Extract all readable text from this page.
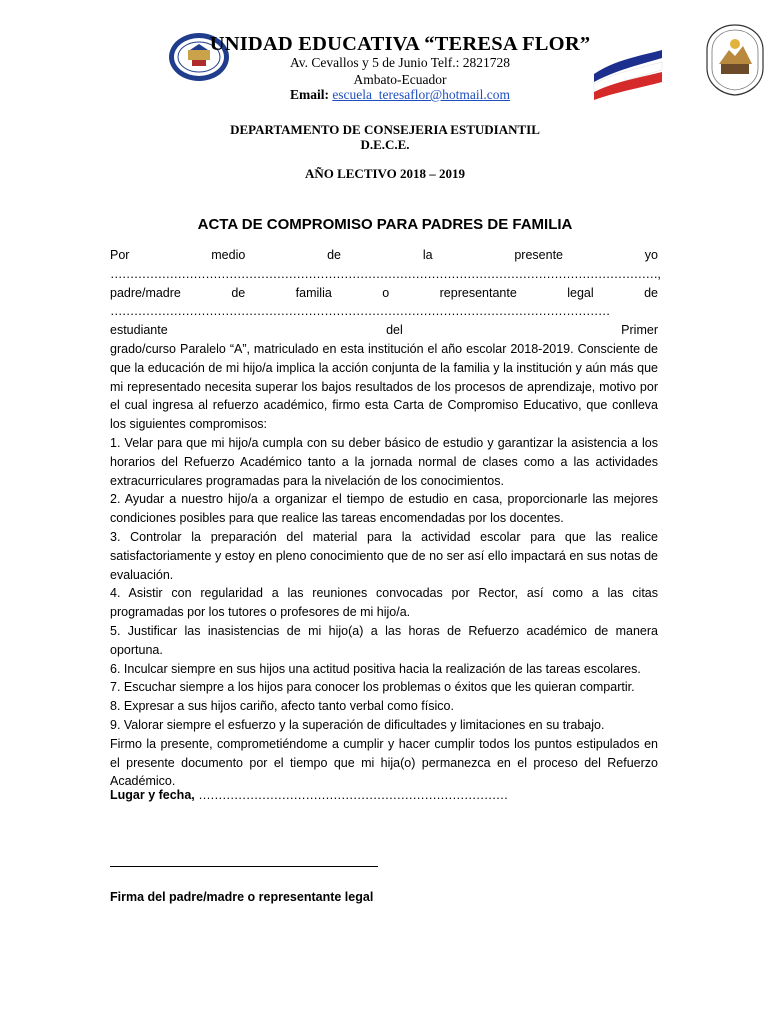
UNIDAD EDUCATIVA “TERESA FLOR”
Av. Cevallos y 5 de Junio Telf.: 2821728
Ambato-Ecuador
Email: escuela_teresaflor@hotmail.com
DEPARTAMENTO DE CONSEJERIA ESTUDIANTIL
D.E.C.E.
AÑO LECTIVO 2018 – 2019
ACTA DE COMPROMISO PARA PADRES DE FAMILIA

Por medio de la presente yo …………………………………………………………………………………………………………………………,

padre/madre de familia o representante legal de

……………………………………………………………………………………………………………… estudiante del Primer

grado/curso Paralelo “A”, matriculado en esta institución el año escolar 2018-2019. Consciente de que la educación de mi hijo/a implica la acción conjunta de la familia y la institución y aún más que mi representado necesita superar los bajos resultados de los procesos de aprendizaje, motivo por el cual ingresa al refuerzo académico, firmo esta Carta de Compromiso Educativo, que conlleva los siguientes compromisos:

1. Velar para que mi hijo/a cumpla con su deber básico de estudio y garantizar la asistencia a los horarios del Refuerzo Académico tanto a la jornada normal de clases como a las actividades extracurriculares programadas para la nivelación de los conocimientos.

2. Ayudar a nuestro hijo/a a organizar el tiempo de estudio en casa, proporcionarle las mejores condiciones posibles para que realice las tareas encomendadas por los docentes.

3. Controlar la preparación del material para la actividad escolar para que las realice satisfactoriamente y estoy en pleno conocimiento que de no ser así ello impactará en sus notas de evaluación.

4. Asistir con regularidad a las reuniones convocadas por Rector, así como a las citas programadas por los tutores o profesores de mi hijo/a.

5. Justificar las inasistencias de mi hijo(a) a las horas de Refuerzo académico de manera oportuna.

6. Inculcar siempre en sus hijos una actitud positiva hacia la realización de las tareas escolares.

7. Escuchar siempre a los hijos para conocer los problemas o éxitos que les quieran compartir.

8. Expresar a sus hijos cariño, afecto tanto verbal como físico.

9. Valorar siempre el esfuerzo y la superación de dificultades y limitaciones en su trabajo.

Firmo la presente, comprometiéndome a cumplir y hacer cumplir todos los puntos estipulados en el presente documento por el tiempo que mi hija(o) permanezca en el proceso del Refuerzo Académico.

Lugar y fecha, ……………………………………………………………………
Firma del padre/madre o representante legal
